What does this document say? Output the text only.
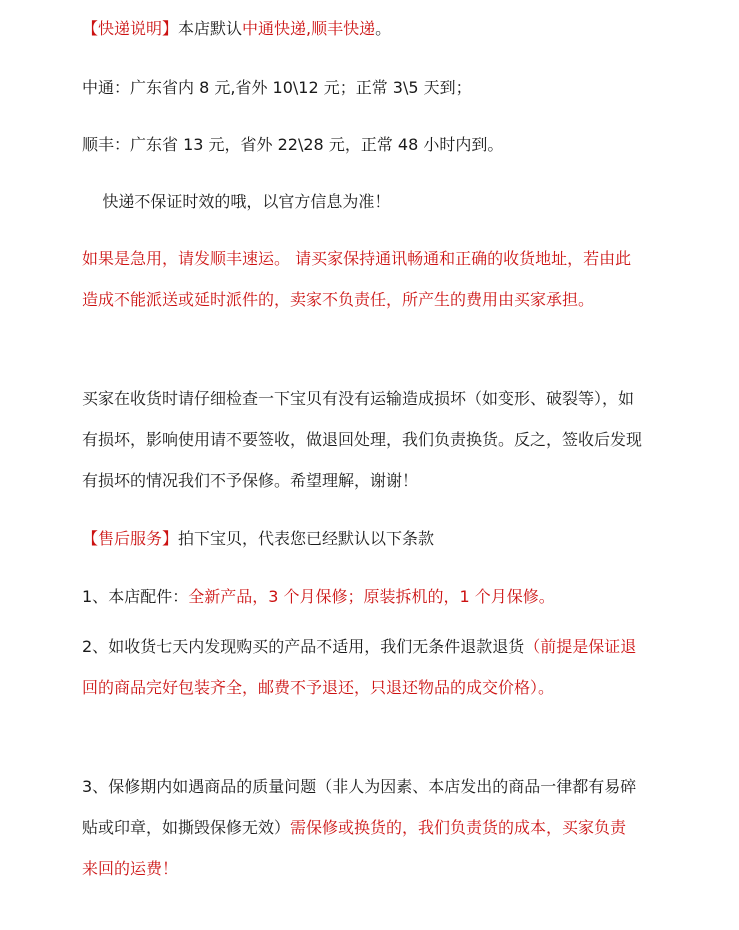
【快递说明】本店默认中通快递,顺丰快递。

中通：广东省内 8 元,省外 10\12 元；正常 3\5 天到；

顺丰：广东省 13 元，省外 22\28 元，正常 48 小时内到。

快递不保证时效的哦，以官方信息为准！

如果是急用，请发顺丰速运。 请买家保持通讯畅通和正确的收货地址，若由此造成不能派送或延时派件的，卖家不负责任，所产生的费用由买家承担。

买家在收货时请仔细检查一下宝贝有没有运输造成损坏（如变形、破裂等），如有损坏，影响使用请不要签收，做退回处理，我们负责换货。反之，签收后发现有损坏的情况我们不予保修。希望理解，谢谢！

【售后服务】拍下宝贝，代表您已经默认以下条款

1、本店配件：全新产品，3 个月保修；原装拆机的，1 个月保修。

2、如收货七天内发现购买的产品不适用，我们无条件退款退货（前提是保证退回的商品完好包装齐全，邮费不予退还，只退还物品的成交价格）。

3、保修期内如遇商品的质量问题（非人为因素、本店发出的商品一律都有易碎贴或印章，如撕毁保修无效）需保修或换货的，我们负责货的成本，买家负责来回的运费！
